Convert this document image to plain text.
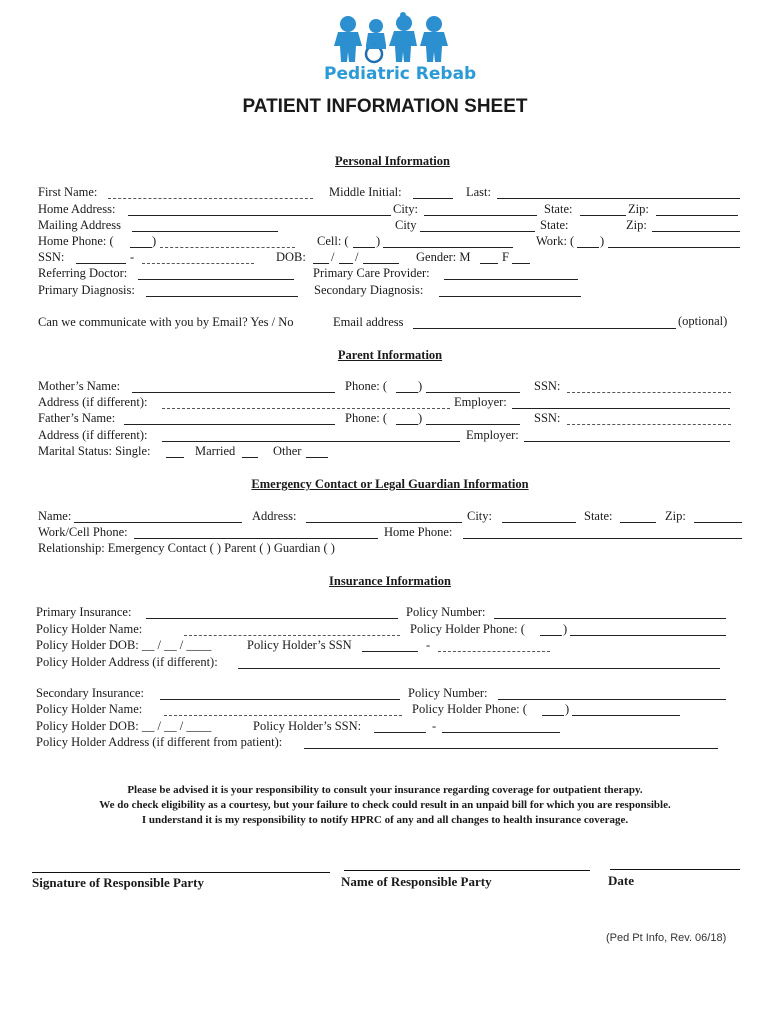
Pediatric Rebab
PATIENT INFORMATION SHEET
Personal Information
First Name:	Middle Initial:	Last:
Home Address:	City:	State:	Zip:
Mailing Address	City	State:	Zip:
Home Phone: (	)	Cell: ( )	Work: ( )
SSN:	-	DOB: / /	Gender: M	F
Referring Doctor:	Primary Care Provider:
Primary Diagnosis:	Secondary Diagnosis:
Can we communicate with you by Email? Yes / No	Email address	(optional)
Parent Information
Mother’s Name:	Phone: ( )	SSN:
Address (if different):	Employer:
Father’s Name:	Phone: ( )	SSN:
Address (if different):	Employer:
Marital Status: Single:	Married	Other
Emergency Contact or Legal Guardian Information
Name:	Address:	City:	State:	Zip:
Work/Cell Phone:	Home Phone:
Relationship: Emergency Contact ( ) Parent ( ) Guardian ( )
Insurance Information
Primary Insurance:	Policy Number:
Policy Holder Name:	Policy Holder Phone: (	)
Policy Holder DOB: __ / __ / ____	Policy Holder’s SSN	-
Policy Holder Address (if different):
Secondary Insurance:	Policy Number:
Policy Holder Name:	Policy Holder Phone: (	)
Policy Holder DOB: __ / __ / ____	Policy Holder’s SSN:	-
Policy Holder Address (if different from patient):
Please be advised it is your responsibility to consult your insurance regarding coverage for outpatient therapy.
We do check eligibility as a courtesy, but your failure to check could result in an unpaid bill for which you are responsible.
I understand it is my responsibility to notify HPRC of any and all changes to health insurance coverage.
Signature of Responsible Party	Name of Responsible Party	Date
(Ped Pt Info, Rev. 06/18)
